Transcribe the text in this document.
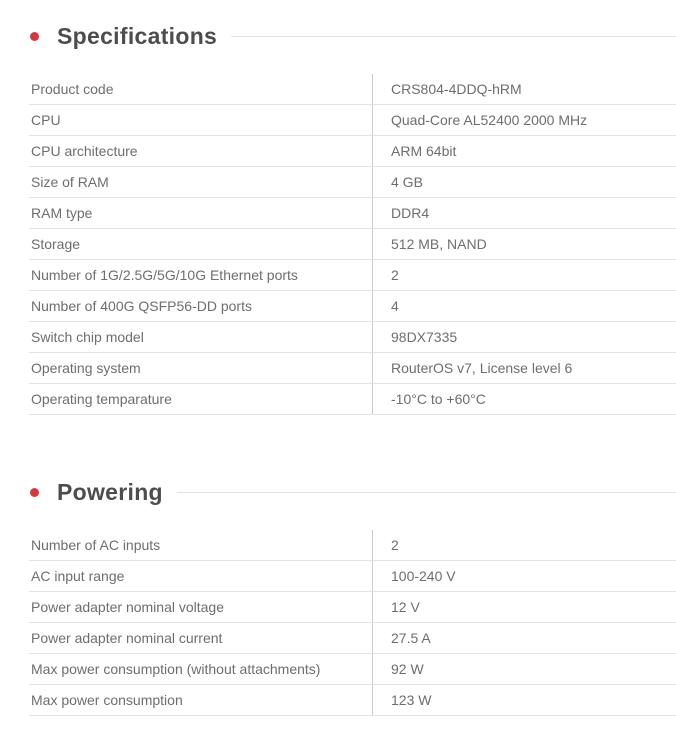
Specifications
Product code	CRS804-4DDQ-hRM
CPU	Quad-Core AL52400 2000 MHz
CPU architecture	ARM 64bit
Size of RAM	4 GB
RAM type	DDR4
Storage	512 MB, NAND
Number of 1G/2.5G/5G/10G Ethernet ports	2
Number of 400G QSFP56-DD ports	4
Switch chip model	98DX7335
Operating system	RouterOS v7, License level 6
Operating temparature	-10°C to +60°C
Powering
Number of AC inputs	2
AC input range	100-240 V
Power adapter nominal voltage	12 V
Power adapter nominal current	27.5 A
Max power consumption (without attachments)	92 W
Max power consumption	123 W
